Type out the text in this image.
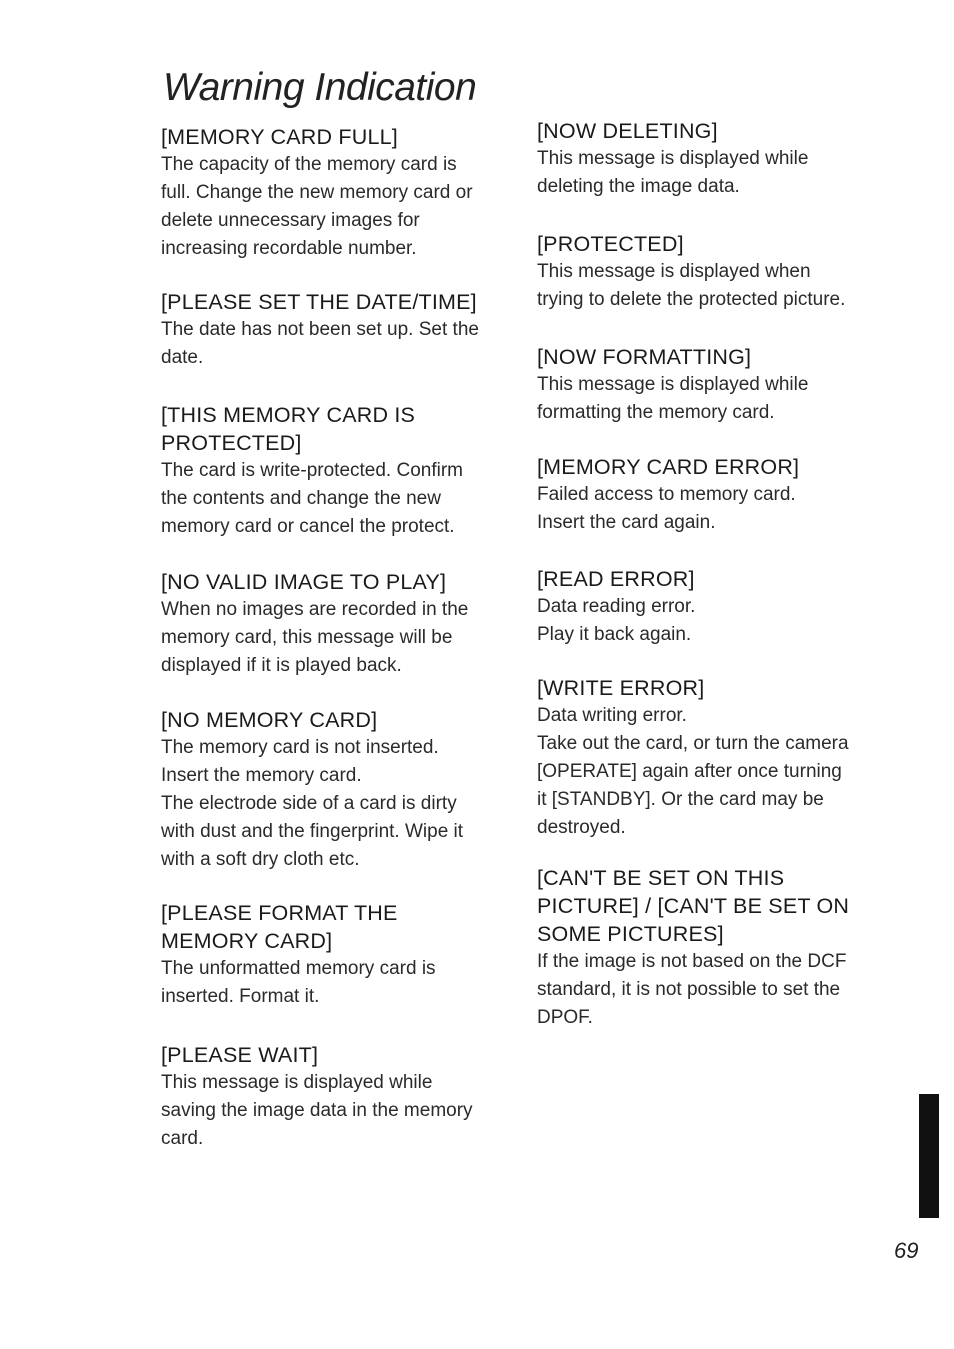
Warning Indication
[MEMORY CARD FULL]
The capacity of the memory card is
full. Change the new memory card or
delete unnecessary images for
increasing recordable number.
[PLEASE SET THE DATE/TIME]
The date has not been set up. Set the
date.
[THIS MEMORY CARD IS
PROTECTED]
The card is write-protected. Confirm
the contents and change the new
memory card or cancel the protect.
[NO VALID IMAGE TO PLAY]
When no images are recorded in the
memory card, this message will be
displayed if it is played back.
[NO MEMORY CARD]
The memory card is not inserted.
Insert the memory card.
The electrode side of a card is dirty
with dust and the fingerprint. Wipe it
with a soft dry cloth etc.
[PLEASE FORMAT THE
MEMORY CARD]
The unformatted memory card is
inserted. Format it.
[PLEASE WAIT]
This message is displayed while
saving the image data in the memory
card.
[NOW DELETING]
This message is displayed while
deleting the image data.
[PROTECTED]
This message is displayed when
trying to delete the protected picture.
[NOW FORMATTING]
This message is displayed while
formatting the memory card.
[MEMORY CARD ERROR]
Failed access to memory card.
Insert the card again.
[READ ERROR]
Data reading error.
Play it back again.
[WRITE ERROR]
Data writing error.
Take out the card, or turn the camera
[OPERATE] again after once turning
it [STANDBY]. Or the card may be
destroyed.
[CAN'T BE SET ON THIS
PICTURE] / [CAN'T BE SET ON
SOME PICTURES]
If the image is not based on the DCF
standard, it is not possible to set the
DPOF.
69
